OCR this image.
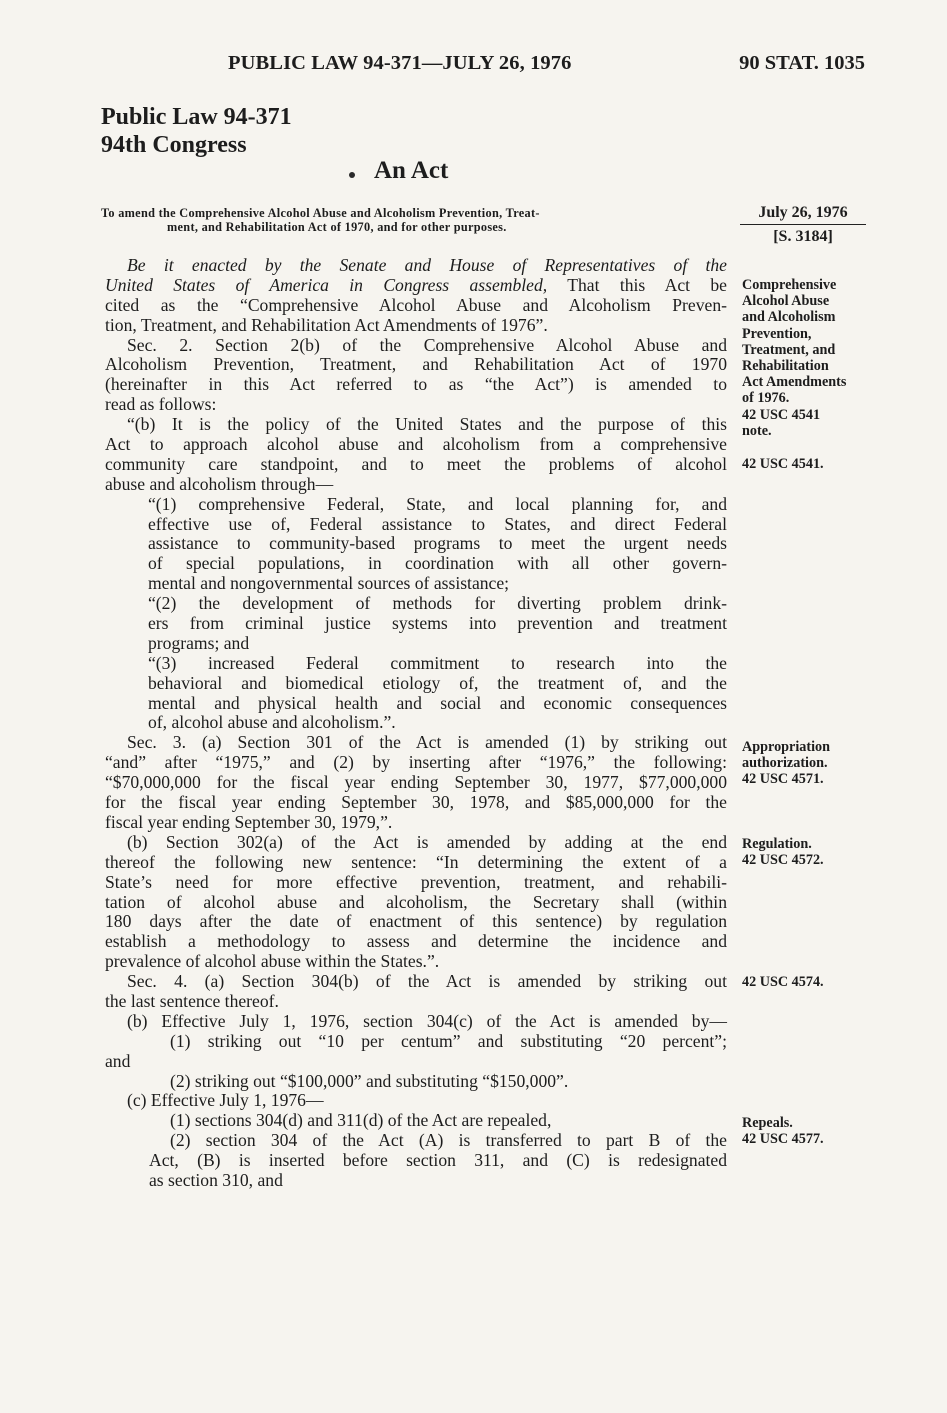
PUBLIC LAW 94-371—JULY 26, 1976	90 STAT. 1035
Public Law 94-371
94th Congress
An Act
To amend the Comprehensive Alcohol Abuse and Alcoholism Prevention, Treat-
ment, and Rehabilitation Act of 1970, and for other purposes.
July 26, 1976
[S. 3184]
Be it enacted by the Senate and House of Representatives of the
United States of America in Congress assembled, That this Act be
cited as the “Comprehensive Alcohol Abuse and Alcoholism Preven-
tion, Treatment, and Rehabilitation Act Amendments of 1976”.
Sec. 2. Section 2(b) of the Comprehensive Alcohol Abuse and
Alcoholism Prevention, Treatment, and Rehabilitation Act of 1970
(hereinafter in this Act referred to as “the Act”) is amended to
read as follows:
“(b) It is the policy of the United States and the purpose of this
Act to approach alcohol abuse and alcoholism from a comprehensive
community care standpoint, and to meet the problems of alcohol
abuse and alcoholism through—
“(1) comprehensive Federal, State, and local planning for, and
effective use of, Federal assistance to States, and direct Federal
assistance to community-based programs to meet the urgent needs
of special populations, in coordination with all other govern-
mental and nongovernmental sources of assistance;
“(2) the development of methods for diverting problem drink-
ers from criminal justice systems into prevention and treatment
programs; and
“(3) increased Federal commitment to research into the
behavioral and biomedical etiology of, the treatment of, and the
mental and physical health and social and economic consequences
of, alcohol abuse and alcoholism.”.
Sec. 3. (a) Section 301 of the Act is amended (1) by striking out
“and” after “1975,” and (2) by inserting after “1976,” the following:
“$70,000,000 for the fiscal year ending September 30, 1977, $77,000,000
for the fiscal year ending September 30, 1978, and $85,000,000 for the
fiscal year ending September 30, 1979,”.
(b) Section 302(a) of the Act is amended by adding at the end
thereof the following new sentence: “In determining the extent of a
State’s need for more effective prevention, treatment, and rehabili-
tation of alcohol abuse and alcoholism, the Secretary shall (within
180 days after the date of enactment of this sentence) by regulation
establish a methodology to assess and determine the incidence and
prevalence of alcohol abuse within the States.”.
Sec. 4. (a) Section 304(b) of the Act is amended by striking out
the last sentence thereof.
(b) Effective July 1, 1976, section 304(c) of the Act is amended by—
(1) striking out “10 per centum” and substituting “20 percent”;
and
(2) striking out “$100,000” and substituting “$150,000”.
(c) Effective July 1, 1976—
(1) sections 304(d) and 311(d) of the Act are repealed,
(2) section 304 of the Act (A) is transferred to part B of the
Act, (B) is inserted before section 311, and (C) is redesignated
as section 310, and
Comprehensive
Alcohol Abuse
and Alcoholism
Prevention,
Treatment, and
Rehabilitation
Act Amendments
of 1976.
42 USC 4541
note.
42 USC 4541.
Appropriation
authorization.
42 USC 4571.
Regulation.
42 USC 4572.
42 USC 4574.
Repeals.
42 USC 4577.
